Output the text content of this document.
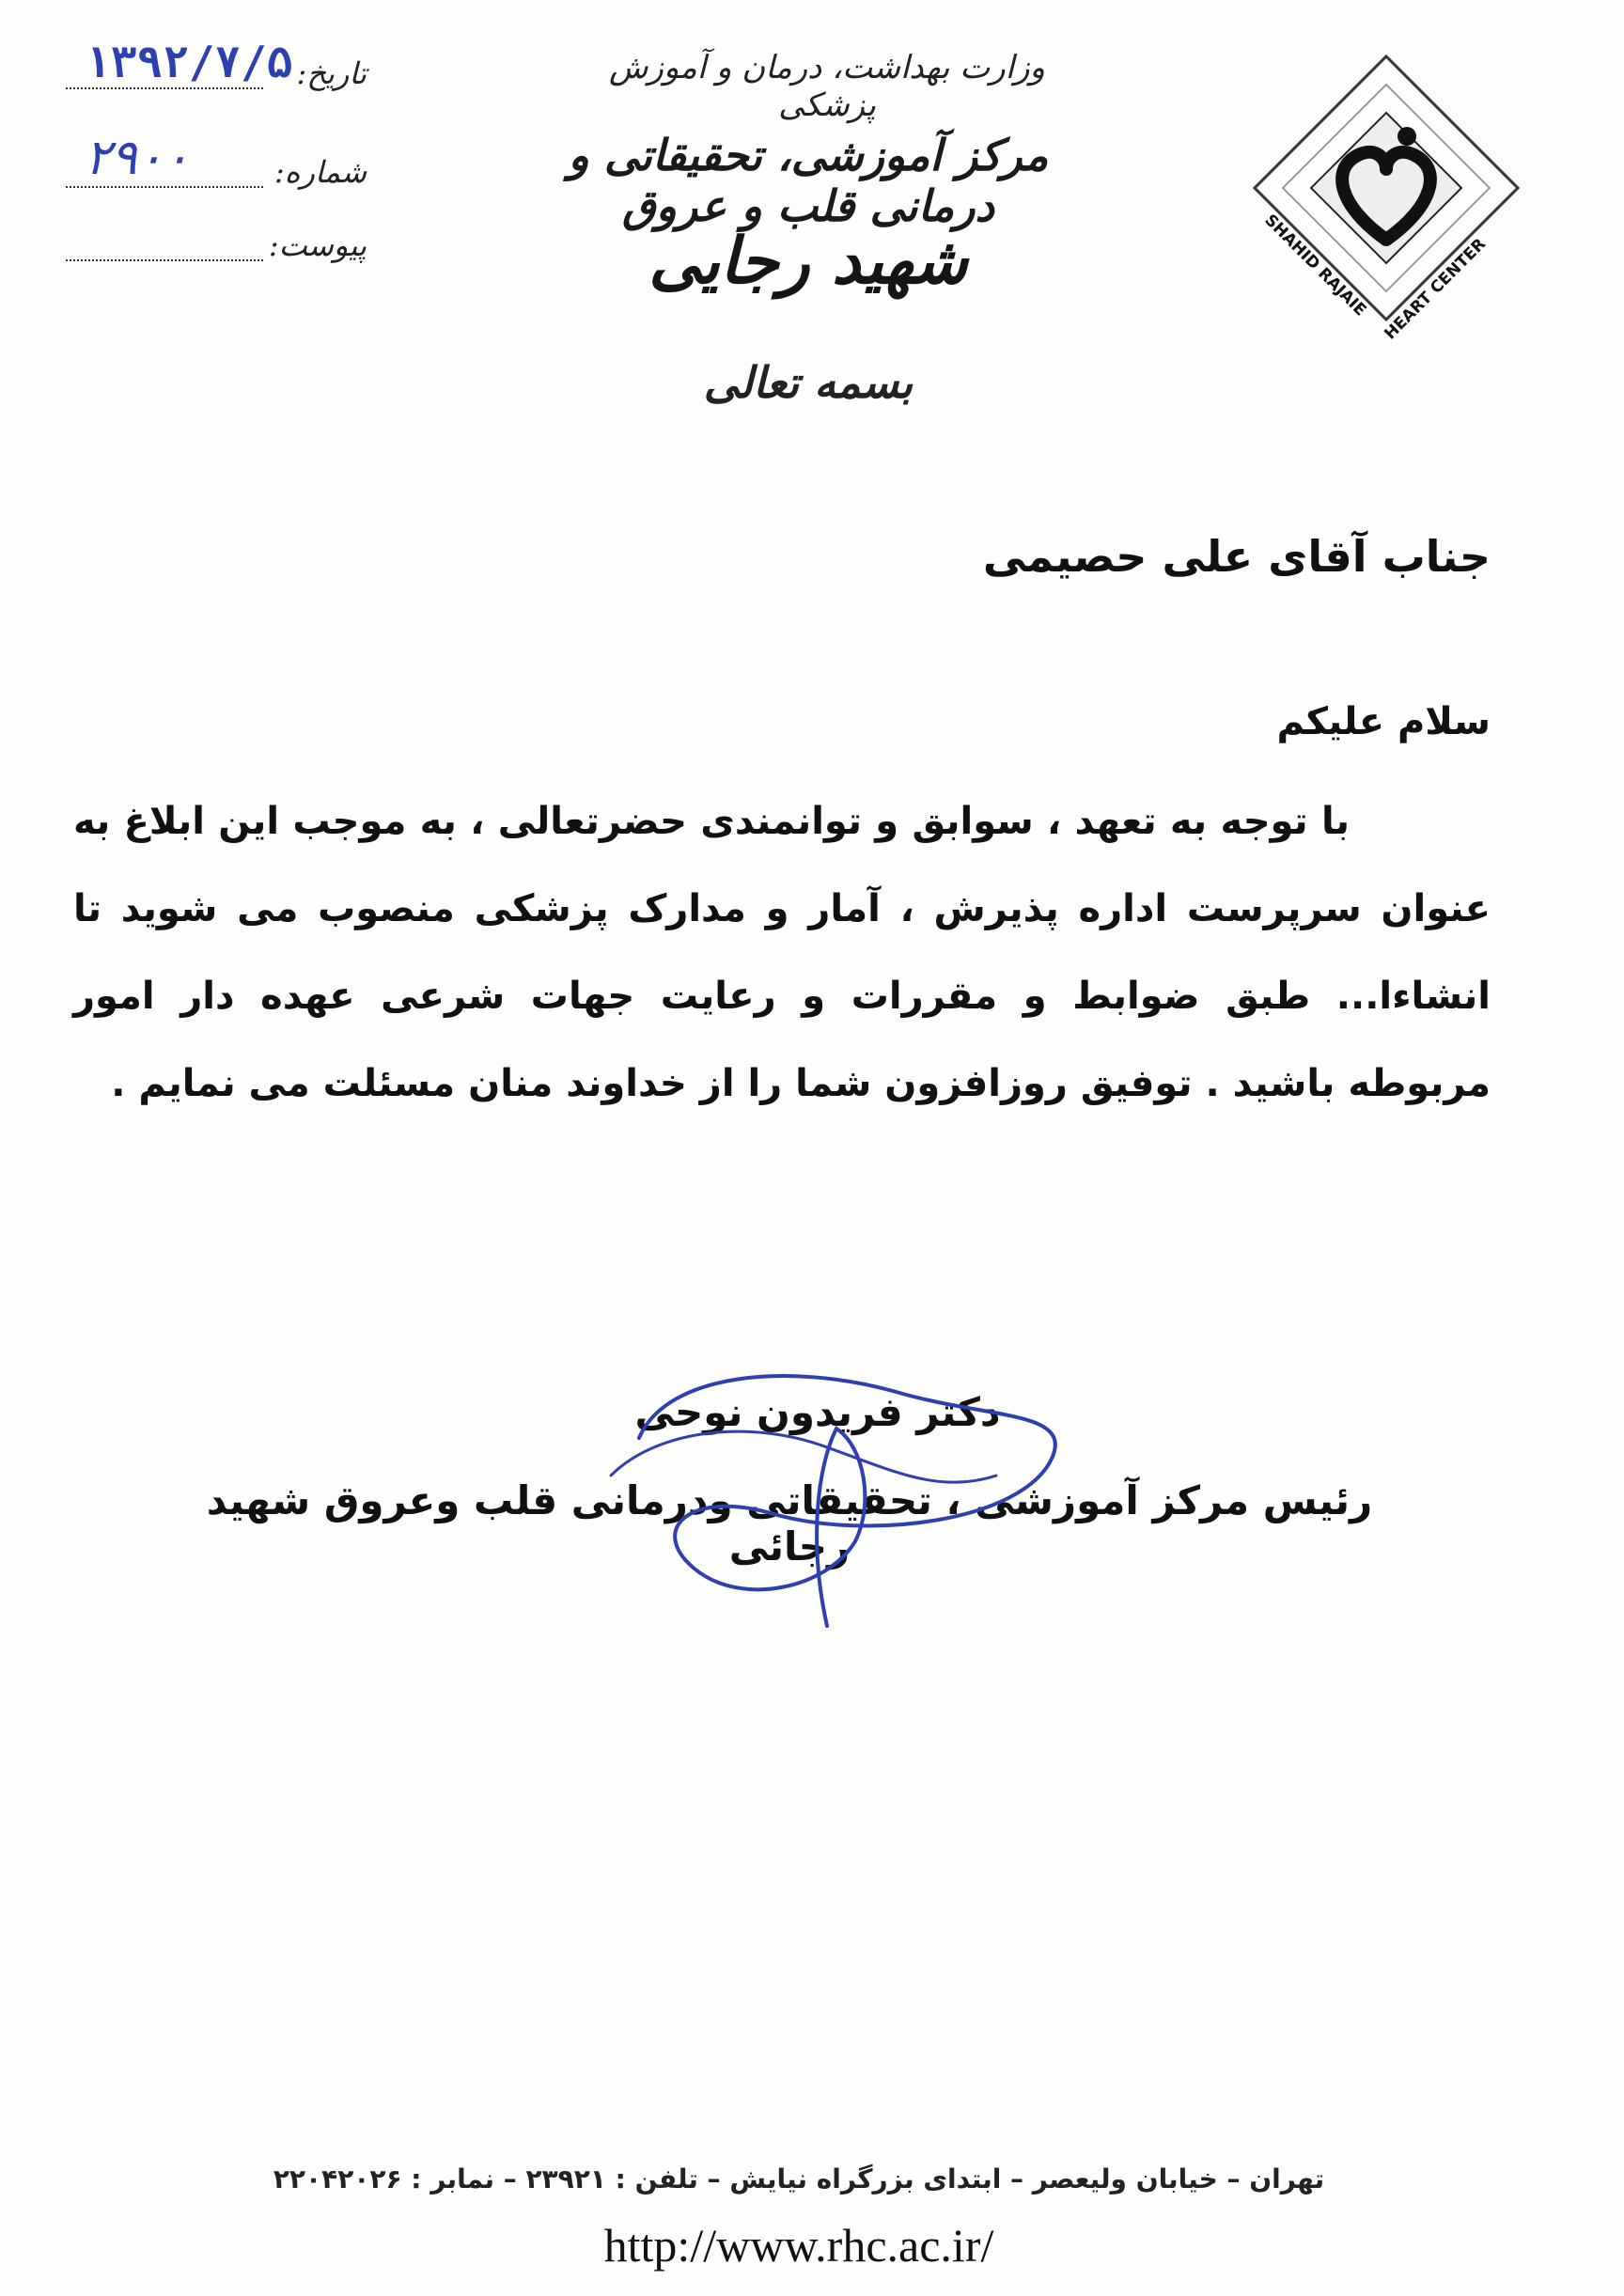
وزارت بهداشت، درمان و آموزش پزشکی
مرکز آموزشی، تحقیقاتی و درمانی قلب و عروق
شهید رجایی
بسمه تعالی
۱۳۹۲/۷/۵ تاریخ:
۲۹۰۰	شماره:
پیوست:
SHAHID RAJAIE
HEART CENTER
جناب آقای علی حصیمی
سلام علیکم
با توجه به تعهد ، سوابق و توانمندی حضرتعالی ، به موجب این ابلاغ به عنوان سرپرست اداره پذیرش ، آمار و مدارک پزشکی منصوب می شوید تا انشاءا... طبق ضوابط و مقررات و رعایت جهات شرعی عهده دار امور مربوطه باشید . توفیق روزافزون شما را از خداوند منان مسئلت می نمایم .
دکتر فریدون نوحی
رئیس مرکز آموزشی ، تحقیقاتی ودرمانی قلب وعروق شهید رجائی
تهران – خیابان ولیعصر – ابتدای بزرگراه نیایش – تلفن : ۲۳۹۲۱ – نمابر : ۲۲۰۴۲۰۲۶
http://www.rhc.ac.ir/
